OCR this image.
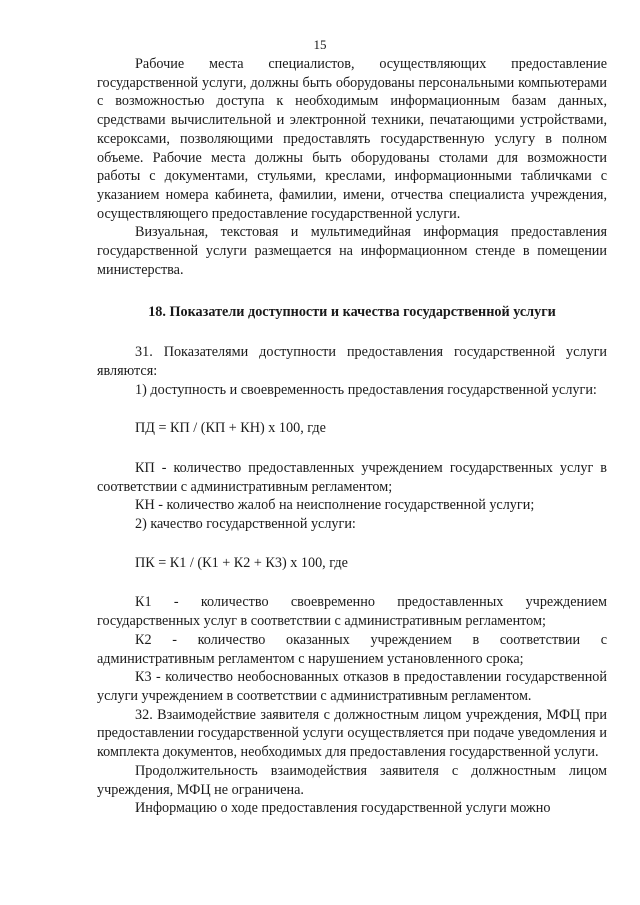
15

Рабочие места специалистов, осуществляющих предоставление государственной услуги, должны быть оборудованы персональными компьютерами с возможностью доступа к необходимым информационным базам данных, средствами вычислительной и электронной техники, печатающими устройствами, ксероксами, позволяющими предоставлять государственную услугу в полном объеме. Рабочие места должны быть оборудованы столами для возможности работы с документами, стульями, креслами, информационными табличками с указанием номера кабинета, фамилии, имени, отчества специалиста учреждения, осуществляющего предоставление государственной услуги.

Визуальная, текстовая и мультимедийная информация предоставления государственной услуги размещается на информационном стенде в помещении министерства.

18. Показатели доступности и качества государственной услуги

31. Показателями доступности предоставления государственной услуги являются:

1) доступность и своевременность предоставления государственной услуги:

ПД = КП / (КП + КН) х 100, где

КП - количество предоставленных учреждением государственных услуг в соответствии с административным регламентом;

КН - количество жалоб на неисполнение государственной услуги;

2) качество государственной услуги:

ПК = К1 / (К1 + К2 + К3) х 100, где

К1 - количество своевременно предоставленных учреждением государственных услуг в соответствии с административным регламентом;

К2 - количество оказанных учреждением в соответствии с административным регламентом с нарушением установленного срока;

К3 - количество необоснованных отказов в предоставлении государственной услуги учреждением в соответствии с административным регламентом.

32. Взаимодействие заявителя с должностным лицом учреждения, МФЦ при предоставлении государственной услуги осуществляется при подаче уведомления и комплекта документов, необходимых для предоставления государственной услуги.

Продолжительность взаимодействия заявителя с должностным лицом учреждения, МФЦ не ограничена.

Информацию о ходе предоставления государственной услуги можно
